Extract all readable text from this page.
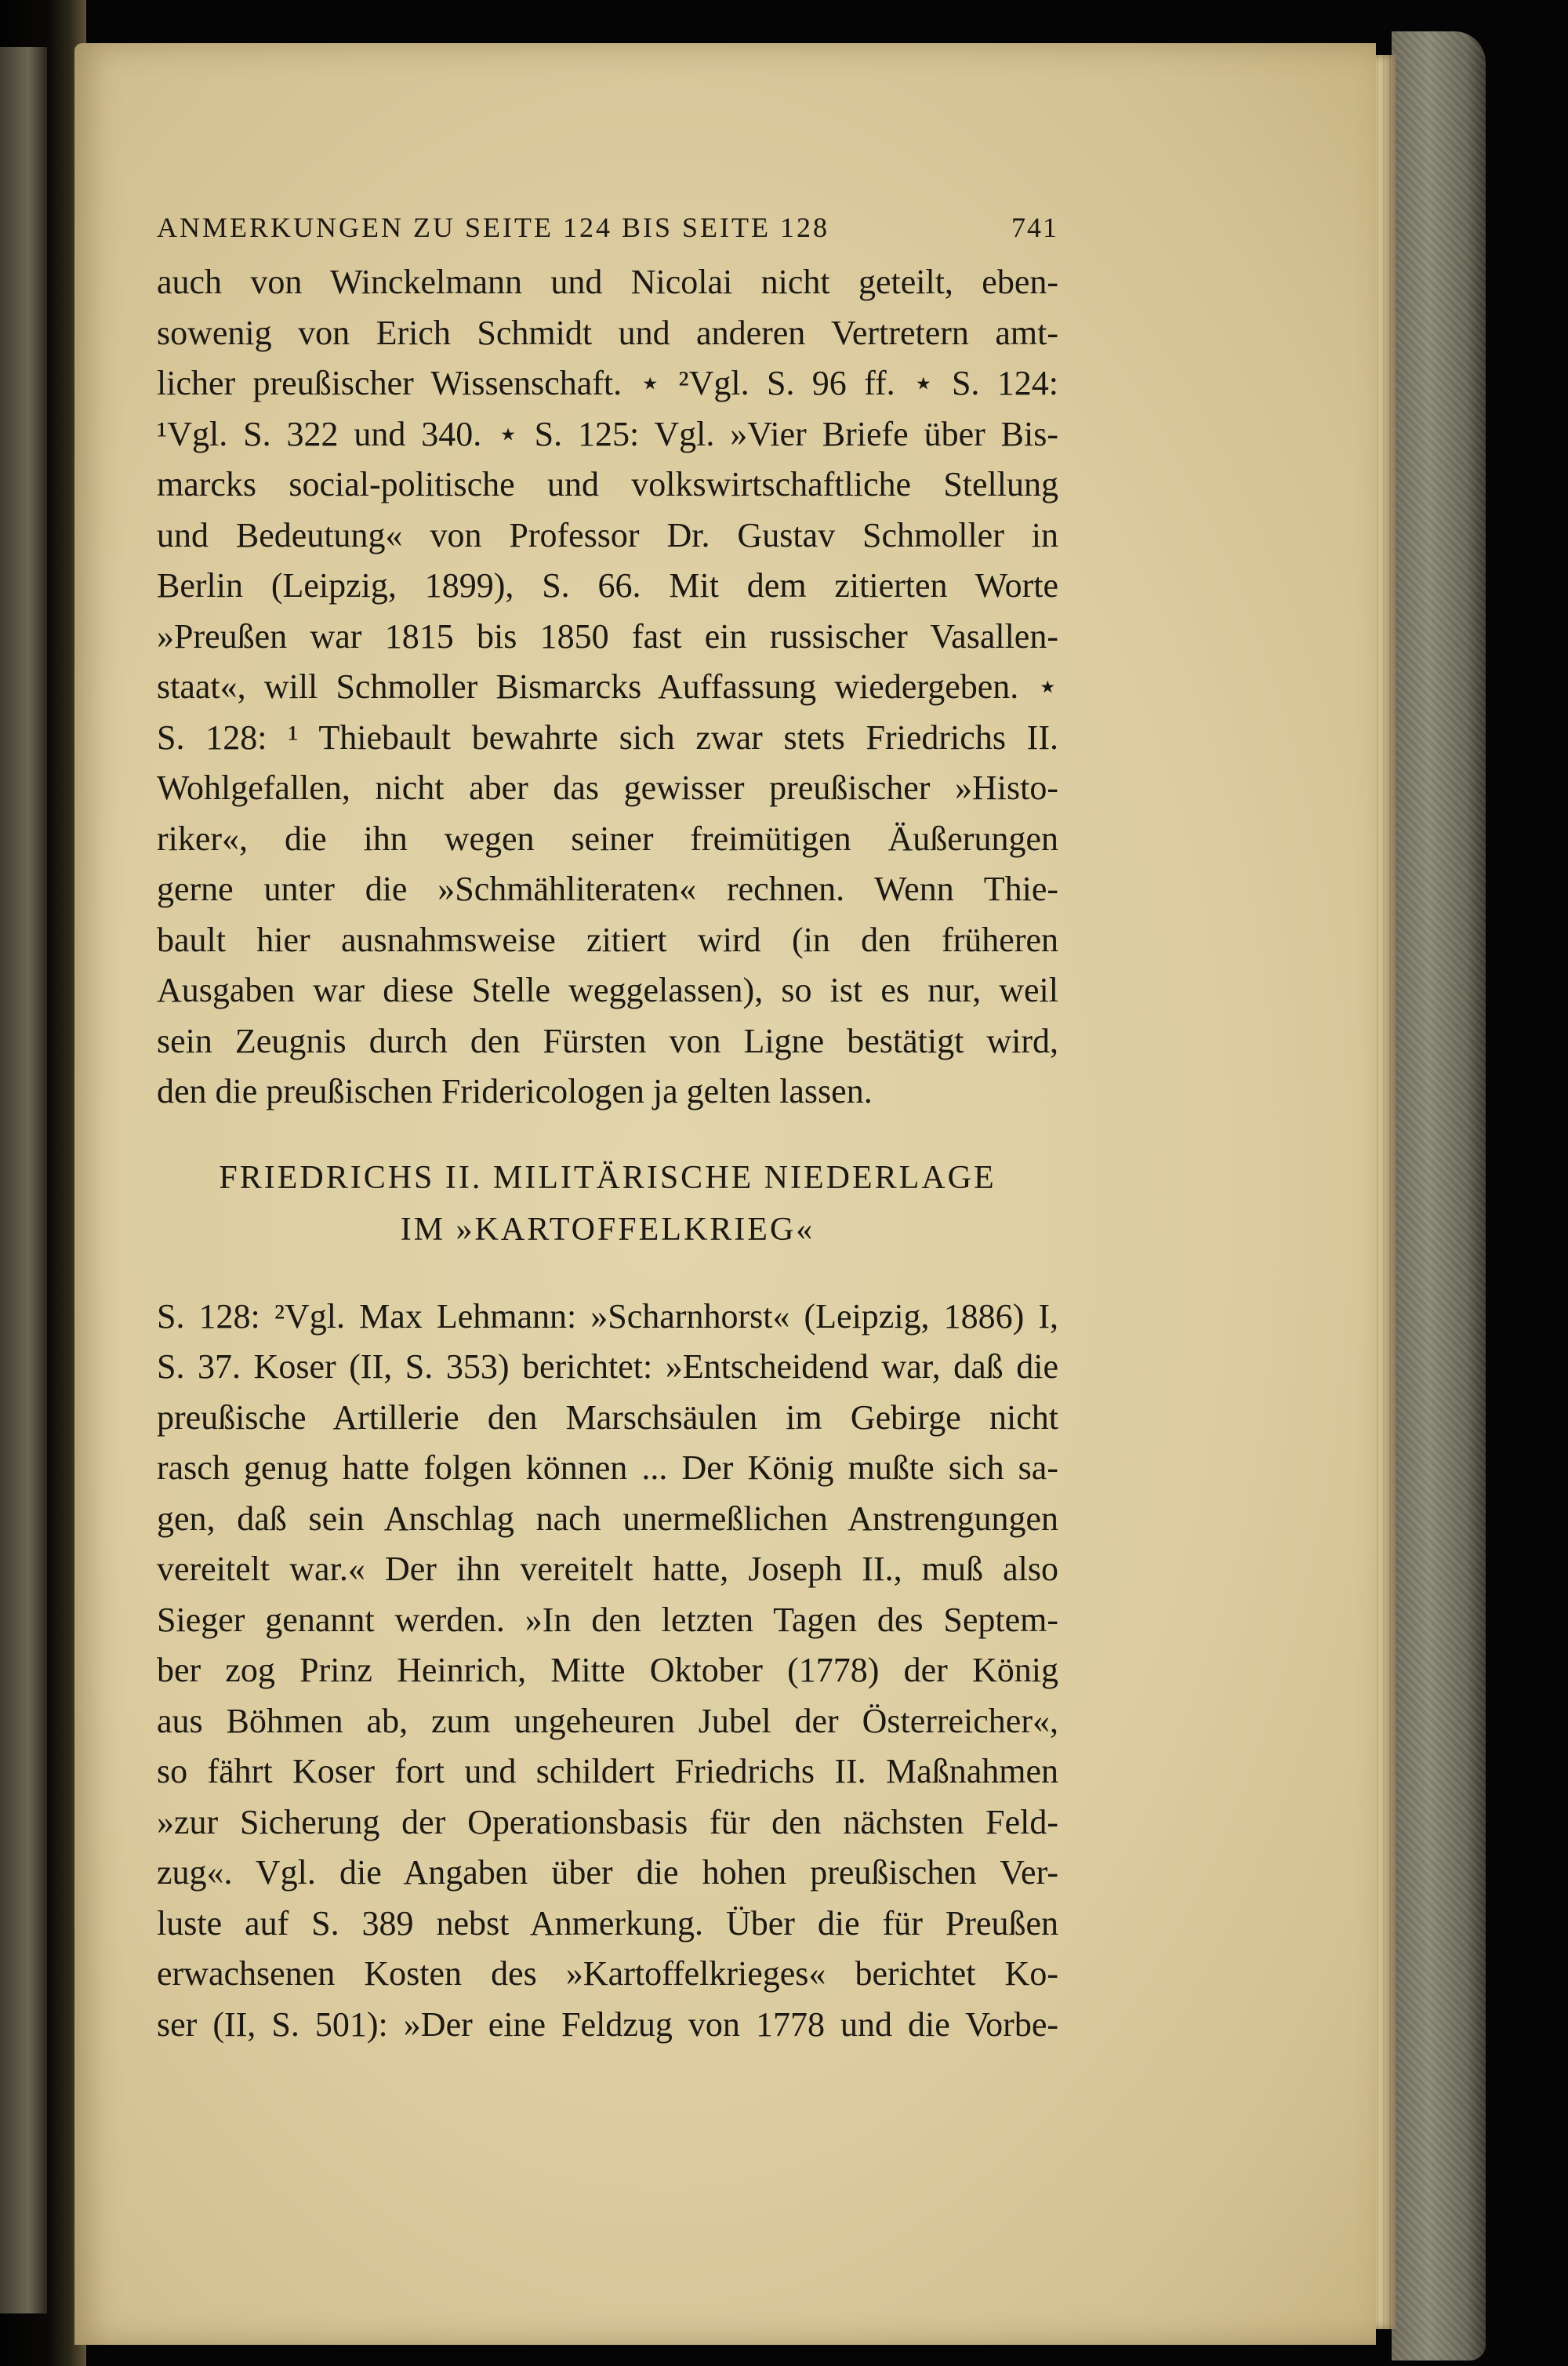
ANMERKUNGEN ZU SEITE 124 BIS SEITE 128	741
auch von Winckelmann und Nicolai nicht geteilt, eben-
sowenig von Erich Schmidt und anderen Vertretern amt-
licher preußischer Wissenschaft. ⋆ ²Vgl. S. 96 ff. ⋆ S. 124:
¹Vgl. S. 322 und 340. ⋆ S. 125: Vgl. »Vier Briefe über Bis-
marcks social-politische und volkswirtschaftliche Stellung
und Bedeutung« von Professor Dr. Gustav Schmoller in
Berlin (Leipzig, 1899), S. 66. Mit dem zitierten Worte
»Preußen war 1815 bis 1850 fast ein russischer Vasallen-
staat«, will Schmoller Bismarcks Auffassung wiedergeben. ⋆
S. 128: ¹ Thiebault bewahrte sich zwar stets Friedrichs II.
Wohlgefallen, nicht aber das gewisser preußischer »Histo-
riker«, die ihn wegen seiner freimütigen Äußerungen
gerne unter die »Schmähliteraten« rechnen. Wenn Thie-
bault hier ausnahmsweise zitiert wird (in den früheren
Ausgaben war diese Stelle weggelassen), so ist es nur, weil
sein Zeugnis durch den Fürsten von Ligne bestätigt wird,
den die preußischen Fridericologen ja gelten lassen.
FRIEDRICHS II. MILITÄRISCHE NIEDERLAGE
IM »KARTOFFELKRIEG«
S. 128: ²Vgl. Max Lehmann: »Scharnhorst« (Leipzig, 1886) I,
S. 37. Koser (II, S. 353) berichtet: »Entscheidend war, daß die
preußische Artillerie den Marschsäulen im Gebirge nicht
rasch genug hatte folgen können ... Der König mußte sich sa-
gen, daß sein Anschlag nach unermeßlichen Anstrengungen
vereitelt war.« Der ihn vereitelt hatte, Joseph II., muß also
Sieger genannt werden. »In den letzten Tagen des Septem-
ber zog Prinz Heinrich, Mitte Oktober (1778) der König
aus Böhmen ab, zum ungeheuren Jubel der Österreicher«,
so fährt Koser fort und schildert Friedrichs II. Maßnahmen
»zur Sicherung der Operationsbasis für den nächsten Feld-
zug«. Vgl. die Angaben über die hohen preußischen Ver-
luste auf S. 389 nebst Anmerkung. Über die für Preußen
erwachsenen Kosten des »Kartoffelkrieges« berichtet Ko-
ser (II, S. 501): »Der eine Feldzug von 1778 und die Vorbe-
